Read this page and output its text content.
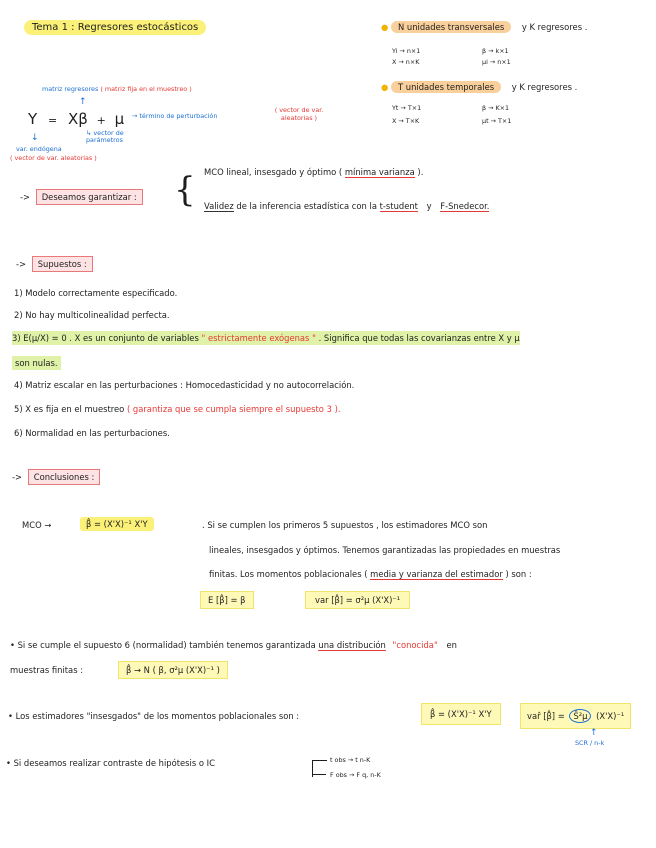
Tema 1 : Regresores estocásticos	● N unidades transversales y K regresores .
Yi → n×1	β → k×1
X → n×K	μi → n×1
● T unidades temporales y K regresores .
Yt → T×1	β → K×1
X → T×K	μt → T×1
matriz regresores ( matriz fija en el muestreo )
↑
Y = Xβ + μ → término de perturbación
( vector de var. aleatorias )
↳ vector de parámetros
↓
var. endógena
( vector de var. aleatorias )
-> Deseamos garantizar : { MCO lineal, insesgado y óptimo ( mínima varianza ).
Validez de la inferencia estadística con la t-student y F-Snedecor.
-> Supuestos :
1) Modelo correctamente especificado.
2) No hay multicolinealidad perfecta.
3) E(μ/X) = 0 . X es un conjunto de variables " estrictamente exógenas " . Significa que todas las covarianzas entre X y μ
son nulas.
4) Matriz escalar en las perturbaciones : Homocedasticidad y no autocorrelación.
5) X es fija en el muestreo ( garantiza que se cumpla siempre el supuesto 3 ).
6) Normalidad en las perturbaciones.
-> Conclusiones :
MCO →	β̂ = (X'X)⁻¹ X'Y	. Si se cumplen los primeros 5 supuestos , los estimadores MCO son
lineales, insesgados y óptimos. Tenemos garantizadas las propiedades en muestras
finitas. Los momentos poblacionales ( media y varianza del estimador ) son :
E [β̂] = β	var [β̂] = σ²μ (X'X)⁻¹
• Si se cumple el supuesto 6 (normalidad) también tenemos garantizada una distribución "conocida" en
muestras finitas :	β̂ → N ( β, σ²μ (X'X)⁻¹ )
• Los estimadores "insesgados" de los momentos poblacionales son :	β̂ = (X'X)⁻¹ X'Y	var̂ [β̂] = Ŝ²μ (X'X)⁻¹
↑
SCR / n-k
• Si deseamos realizar contraste de hipótesis o IC	t obs → t n-K
F obs → F q, n-K
